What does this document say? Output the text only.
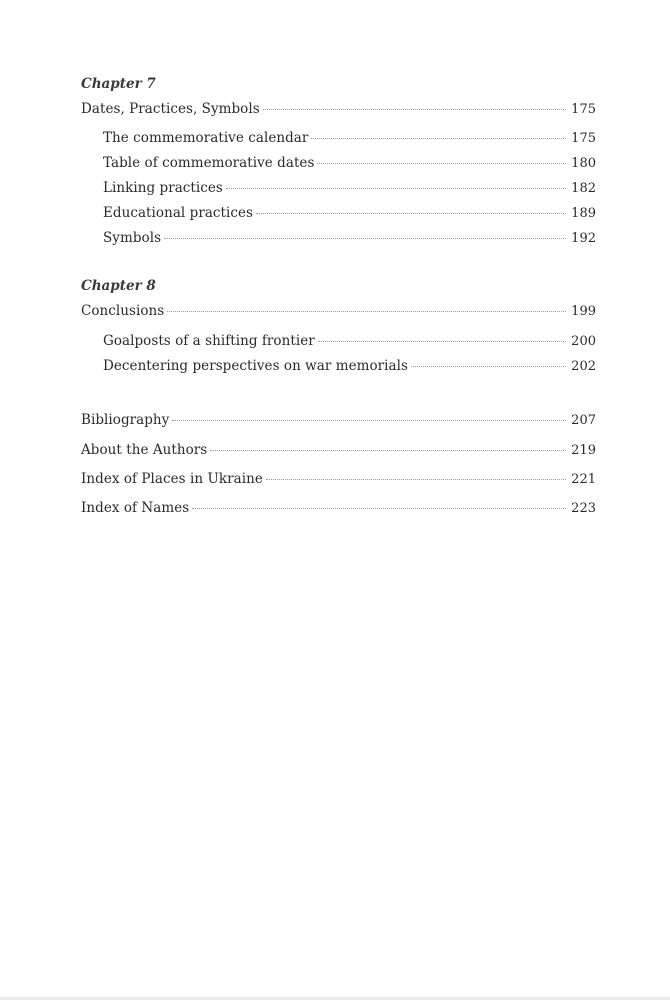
Chapter 7
Dates, Practices, Symbols	175
The commemorative calendar	175
Table of commemorative dates	180
Linking practices	182
Educational practices	189
Symbols	192
Chapter 8
Conclusions	199
Goalposts of a shifting frontier	200
Decentering perspectives on war memorials	202
Bibliography	207
About the Authors	219
Index of Places in Ukraine	221
Index of Names	223
